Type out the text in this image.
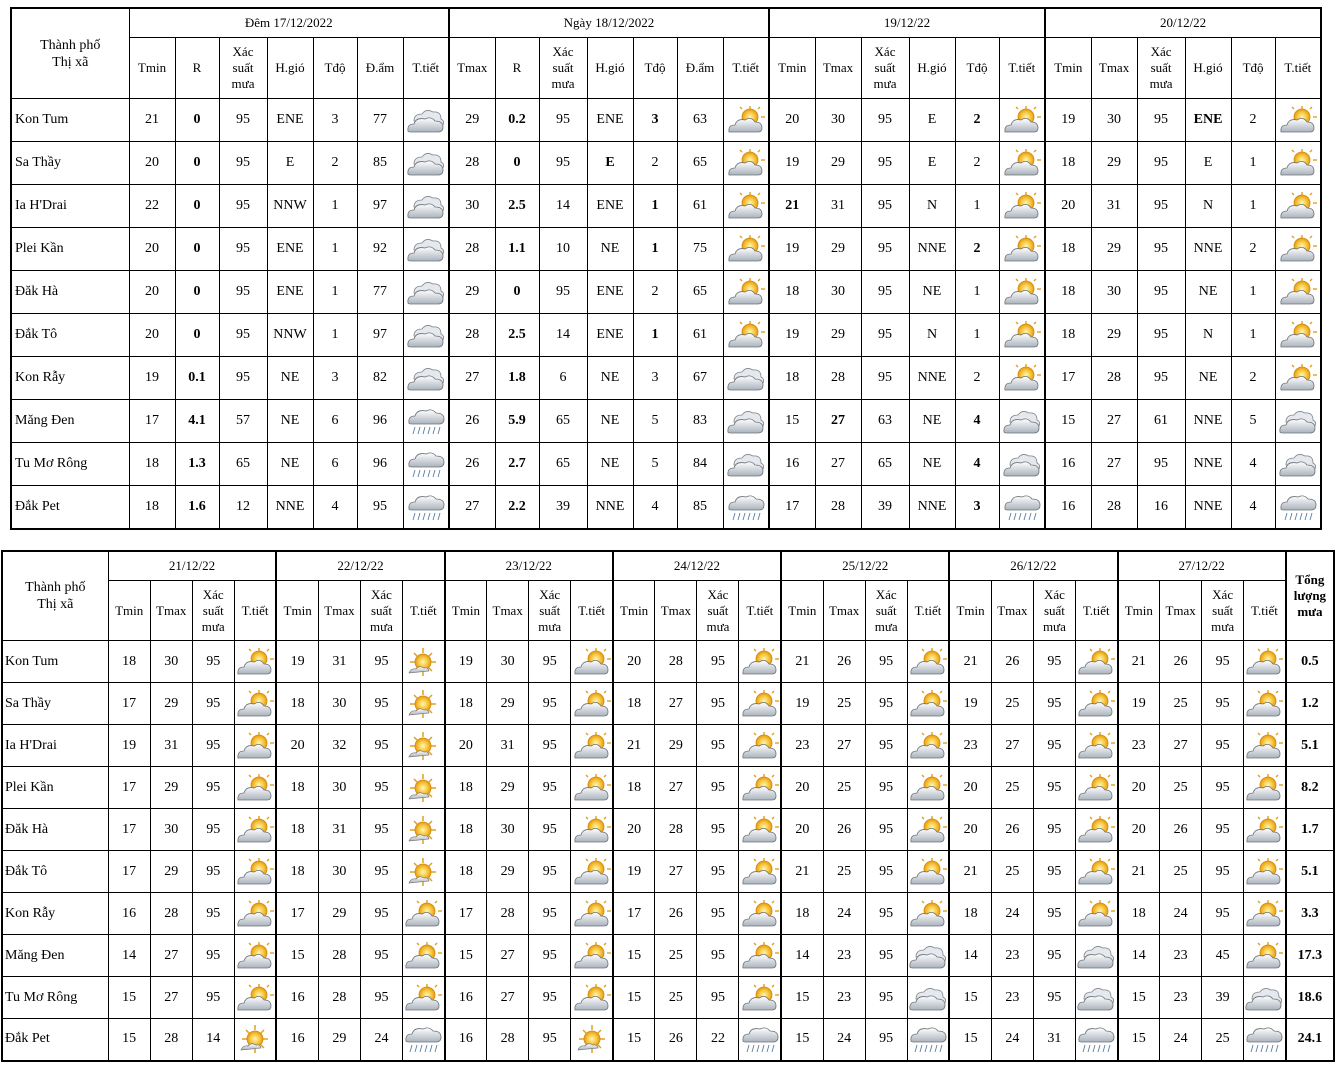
Thành phố
Thị xã	Đêm 17/12/2022							Ngày 18/12/2022							19/12/22						20/12/22					
	Tmin	R	Xác
suất
mưa	H.gió	Tđộ	Đ.ẩm	T.tiết	Tmax	R	Xác
suất
mưa	H.gió	Tđộ	Đ.ẩm	T.tiết	Tmin	Tmax	Xác
suất
mưa	H.gió	Tđộ	T.tiết	Tmin	Tmax	Xác
suất
mưa	H.gió	Tđộ	T.tiết
Kon Tum	21	0	95	ENE	3	77		29	0.2	95	ENE	3	63		20	30	95	E	2		19	30	95	ENE	2	

Sa Thầy	20	0	95	E	2	85		28	0	95	E	2	65		19	29	95	E	2		18	29	95	E	1	

Ia H'Drai	22	0	95	NNW	1	97		30	2.5	14	ENE	1	61		21	31	95	N	1		20	31	95	N	1	

Plei Kần	20	0	95	ENE	1	92		28	1.1	10	NE	1	75		19	29	95	NNE	2		18	29	95	NNE	2	

Đăk Hà	20	0	95	ENE	1	77		29	0	95	ENE	2	65		18	30	95	NE	1		18	30	95	NE	1	

Đắk Tô	20	0	95	NNW	1	97		28	2.5	14	ENE	1	61		19	29	95	N	1		18	29	95	N	1	

Kon Rẫy	19	0.1	95	NE	3	82		27	1.8	6	NE	3	67		18	28	95	NNE	2		17	28	95	NE	2	

Măng Đen	17	4.1	57	NE	6	96		26	5.9	65	NE	5	83		15	27	63	NE	4		15	27	61	NNE	5	

Tu Mơ Rông	18	1.3	65	NE	6	96		26	2.7	65	NE	5	84		16	27	65	NE	4		16	27	95	NNE	4	

Đắk Pet	18	1.6	12	NNE	4	95		27	2.2	39	NNE	4	85		17	28	39	NNE	3		16	28	16	NNE	4	
Thành phố
Thị xã	21/12/22				22/12/22				23/12/22				24/12/22				25/12/22				26/12/22				27/12/22				Tổng
lượng
mưa
	Tmin	Tmax	Xác
suất
mưa	T.tiết	Tmin	Tmax	Xác
suất
mưa	T.tiết	Tmin	Tmax	Xác
suất
mưa	T.tiết	Tmin	Tmax	Xác
suất
mưa	T.tiết	Tmin	Tmax	Xác
suất
mưa	T.tiết	Tmin	Tmax	Xác
suất
mưa	T.tiết	Tmin	Tmax	Xác
suất
mưa	T.tiết	
Kon Tum	18	30	95		19	31	95		19	30	95		20	28	95		21	26	95		21	26	95		21	26	95		0.5
Sa Thầy	17	29	95		18	30	95		18	29	95		18	27	95		19	25	95		19	25	95		19	25	95		1.2
Ia H'Drai	19	31	95		20	32	95		20	31	95		21	29	95		23	27	95		23	27	95		23	27	95		5.1
Plei Kần	17	29	95		18	30	95		18	29	95		18	27	95		20	25	95		20	25	95		20	25	95		8.2
Đăk Hà	17	30	95		18	31	95		18	30	95		20	28	95		20	26	95		20	26	95		20	26	95		1.7
Đắk Tô	17	29	95		18	30	95		18	29	95		19	27	95		21	25	95		21	25	95		21	25	95		5.1
Kon Rẫy	16	28	95		17	29	95		17	28	95		17	26	95		18	24	95		18	24	95		18	24	95		3.3
Măng Đen	14	27	95		15	28	95		15	27	95		15	25	95		14	23	95		14	23	95		14	23	45		17.3
Tu Mơ Rông	15	27	95		16	28	95		16	27	95		15	25	95		15	23	95		15	23	95		15	23	39		18.6
Đắk Pet	15	28	14		16	29	24		16	28	95		15	26	22		15	24	95		15	24	31		15	24	25		24.1
